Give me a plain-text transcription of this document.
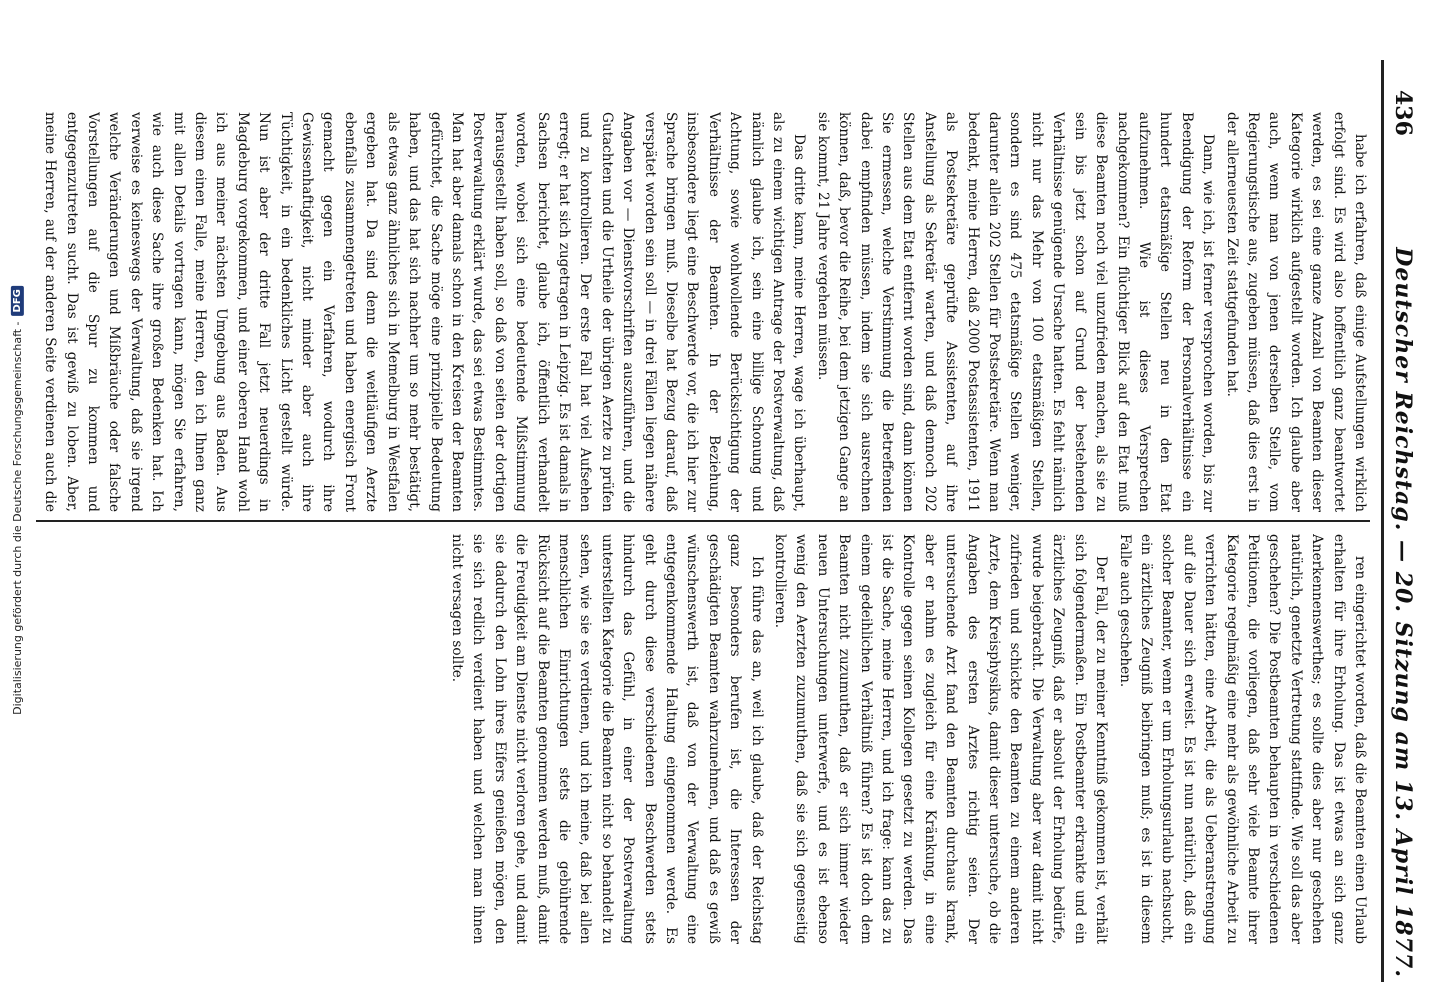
436
Deutscher Reichstag. — 20. Sitzung am 13. April 1877.

habe ich erfahren, daß einige Aufstellungen wirklich erfolgt sind. Es wird also hoffentlich ganz beantwortet werden, es sei eine ganze Anzahl von Beamten dieser Kategorie wirklich aufgestellt worden. Ich glaube aber auch, wenn man von jenen derselben Stelle, vom Regierungstische aus, zugeben müssen, daß dies erst in der allerneuesten Zeit stattgefunden hat.

Dann, wie ich, ist ferner versprochen worden, bis zur Beendigung der Reform der Personalverhältnisse ein hundert etatsmäßige Stellen neu in den Etat aufzunehmen. Wie ist dieses Versprechen nachgekommen? Ein flüchtiger Blick auf den Etat muß diese Beamten noch viel unzufrieden machen, als sie zu sein bis jetzt schon auf Grund der bestehenden Verhältnisse genügende Ursache hatten. Es fehlt nämlich nicht nur das Mehr von 100 etatsmäßigen Stellen, sondern es sind 475 etatsmäßige Stellen weniger, darunter allein 202 Stellen für Postsekretäre. Wenn man bedenkt, meine Herren, daß 2000 Postassistenten, 1911 als Postsekretäre geprüfte Assistenten, auf ihre Anstellung als Sekretär warten, und daß dennoch 202 Stellen aus dem Etat entfernt worden sind, dann können Sie ermessen, welche Verstimmung die Betreffenden dabei empfinden müssen, indem sie sich ausrechnen können, daß, bevor die Reihe, bei dem jetzigen Gange an sie kommt, 21 Jahre vergehen müssen.

Das dritte kann, meine Herren, wage ich überhaupt, als zu einem wichtigen Antrage der Postverwaltung, daß nämlich glaube ich, sein eine billige Schonung und Achtung, sowie wohlwollende Berücksichtigung der Verhältnisse der Beamten. In der Beziehung, insbesondere liegt eine Beschwerde vor, die ich hier zur Sprache bringen muß. Dieselbe hat Bezug darauf, daß verspätet worden sein soll — in drei Fällen liegen nähere Angaben vor — Dienstvorschriften auszuführen, und die Gutachten und die Urtheile der übrigen Aerzte zu prüfen und zu kontrollieren. Der erste Fall hat viel Aufsehen erregt; er hat sich zugetragen in Leipzig. Es ist damals in Sachsen berichtet, glaube ich, öffentlich verhandelt worden, wobei sich eine bedeutende Mißstimmung herausgestellt haben soll, so daß von seiten der dortigen Postverwaltung erklärt wurde, das sei etwas Bestimmtes. Man hat aber damals schon in den Kreisen der Beamten gefürchtet, die Sache möge eine prinzipielle Bedeutung haben, und das hat sich nachher um so mehr bestätigt, als etwas ganz ähnliches sich in Memelburg in Westfalen ergeben hat. Da sind denn die weitläufigen Aerzte ebenfalls zusammengetreten und haben energisch Front gemacht gegen ein Verfahren, wodurch ihre Gewissenhaftigkeit, nicht minder aber auch ihre Tüchtigkeit, in ein bedenkliches Licht gestellt würde. Nun ist aber der dritte Fall jetzt neuerdings in Magdeburg vorgekommen, und einer oberen Hand wohl ich aus meiner nächsten Umgebung aus Baden. Aus diesem einen Falle, meine Herren, den ich Ihnen ganz mit allen Details vortragen kann, mögen Sie erfahren, wie auch diese Sache ihre großen Bedenken hat. Ich verweise es keineswegs der Verwaltung, daß sie irgend welche Veränderungen und Mißbräuche oder falsche Vorstellungen auf die Spur zu kommen und entgegenzutreten sucht. Das ist gewiß zu loben. Aber, meine Herren, auf der anderen Seite verdienen auch die

ren eingerichtet worden, daß die Beamten einen Urlaub erhalten für ihre Erholung. Das ist etwas an sich ganz Anerkennenswerthes; es sollte dies aber nur geschehen natürlich, genetzte Vertretung stattfinde. Wie soll das aber geschehen? Die Postbeamten behaupten in verschiedenen Petitionen, die vorliegen, daß sehr viele Beamte ihrer Kategorie regelmäßig eine mehr als gewöhnliche Arbeit zu verrichten hätten, eine Arbeit, die als Ueberanstrengung auf die Dauer sich erweist. Es ist nun natürlich, daß ein solcher Beamter, wenn er um Erholungsurlaub nachsucht, ein ärztliches Zeugniß beibringen muß; es ist in diesem Falle auch geschehen.

Der Fall, der zu meiner Kenntniß gekommen ist, verhält sich folgendermaßen. Ein Postbeamter erkrankte und ein ärztliches Zeugniß, daß er absolut der Erholung bedürfe, wurde beigebracht. Die Verwaltung aber war damit nicht zufrieden und schickte den Beamten zu einem anderen Arzte, dem Kreisphysikus, damit dieser untersuche, ob die Angaben des ersten Arztes richtig seien. Der untersuchende Arzt fand den Beamten durchaus krank, aber er nahm es zugleich für eine Kränkung, in eine Kontrolle gegen seinen Kollegen gesetzt zu werden. Das ist die Sache, meine Herren, und ich frage: kann das zu einem gedeihlichen Verhältniß führen? Es ist doch dem Beamten nicht zuzumuthen, daß er sich immer wieder neuen Untersuchungen unterwerfe, und es ist ebenso wenig den Aerzten zuzumuthen, daß sie sich gegenseitig kontrollieren.

Ich führe das an, weil ich glaube, daß der Reichstag ganz besonders berufen ist, die Interessen der geschädigten Beamten wahrzunehmen, und daß es gewiß wünschenswerth ist, daß von der Verwaltung eine entgegenkommende Haltung eingenommen werde. Es geht durch diese verschiedenen Beschwerden stets hindurch das Gefühl, in einer der Postverwaltung unterstellten Kategorie die Beamten nicht so behandelt zu sehen, wie sie es verdienen, und ich meine, daß bei allen menschlichen Einrichtungen stets die gebührende Rücksicht auf die Beamten genommen werden muß, damit die Freudigkeit am Dienste nicht verloren gehe, und damit sie dadurch den Lohn ihres Eifers genießen mögen, den sie sich redlich verdient haben und welchen man ihnen nicht versagen sollte.

Digitalisierung gefördert durch die Deutsche Forschungsgemeinschaft -
DFG
